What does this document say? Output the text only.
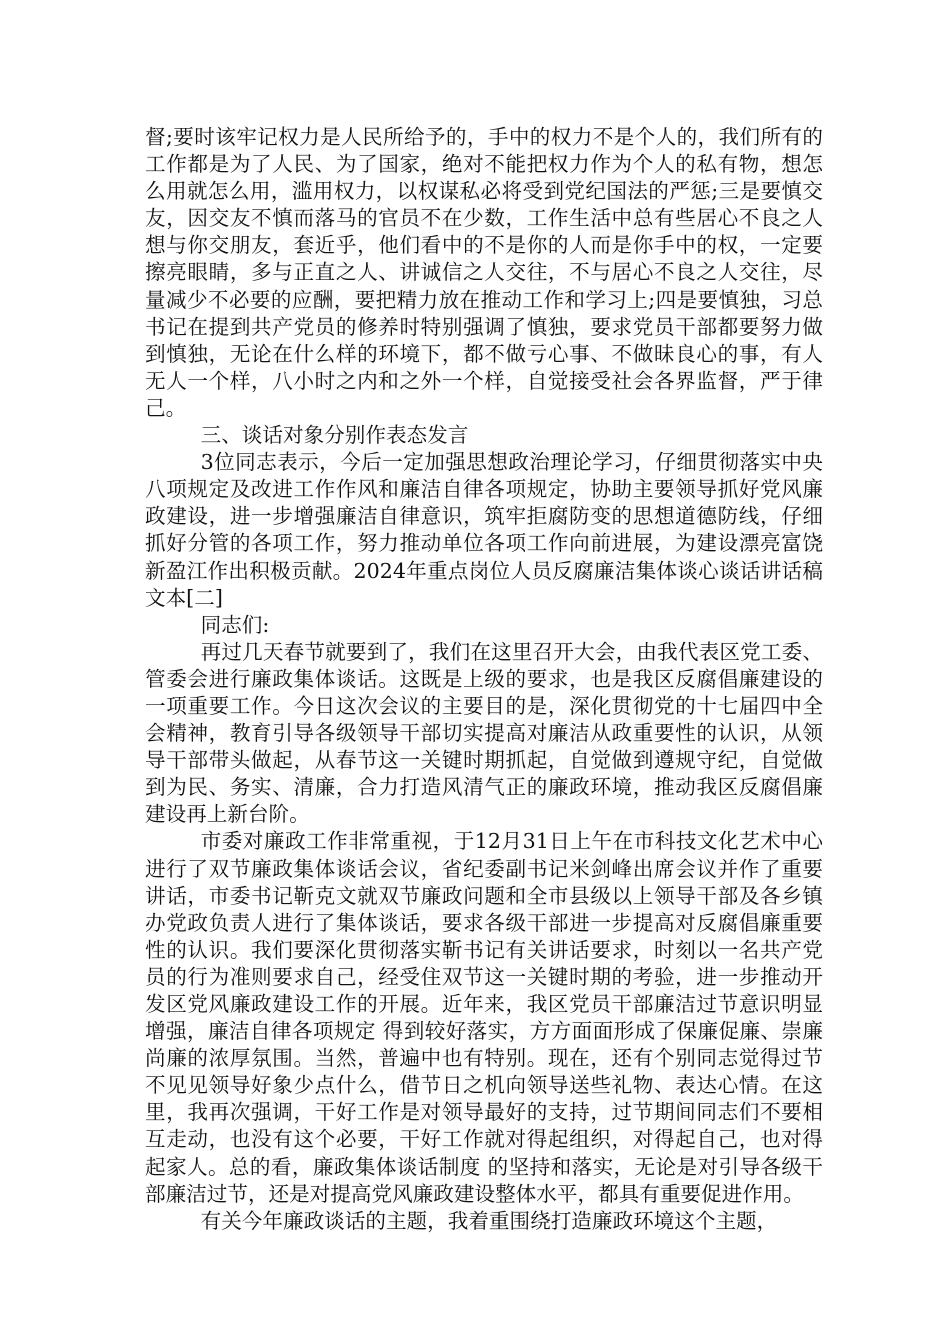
督;要时该牢记权力是人民所给予的，手中的权力不是个人的，我们所有的工作都是为了人民、为了国家，绝对不能把权力作为个人的私有物，想怎么用就怎么用，滥用权力，以权谋私必将受到党纪国法的严惩;三是要慎交友，因交友不慎而落马的官员不在少数，工作生活中总有些居心不良之人想与你交朋友，套近乎，他们看中的不是你的人而是你手中的权，一定要擦亮眼睛，多与正直之人、讲诚信之人交往，不与居心不良之人交往，尽量减少不必要的应酬，要把精力放在推动工作和学习上;四是要慎独，习总书记在提到共产党员的修养时特别强调了慎独，要求党员干部都要努力做到慎独，无论在什么样的环境下，都不做亏心事、不做昧良心的事，有人无人一个样，八小时之内和之外一个样，自觉接受社会各界监督，严于律己。

三、谈话对象分别作表态发言

3位同志表示，今后一定加强思想政治理论学习，仔细贯彻落实中央八项规定及改进工作作风和廉洁自律各项规定，协助主要领导抓好党风廉政建设，进一步增强廉洁自律意识，筑牢拒腐防变的思想道德防线，仔细抓好分管的各项工作，努力推动单位各项工作向前进展，为建设漂亮富饶新盈江作出积极贡献。2024年重点岗位人员反腐廉洁集体谈心谈话讲话稿文本[二]

同志们:

再过几天春节就要到了，我们在这里召开大会，由我代表区党工委、管委会进行廉政集体谈话。这既是上级的要求，也是我区反腐倡廉建设的一项重要工作。今日这次会议的主要目的是，深化贯彻党的十七届四中全会精神，教育引导各级领导干部切实提高对廉洁从政重要性的认识，从领导干部带头做起，从春节这一关键时期抓起，自觉做到遵规守纪，自觉做到为民、务实、清廉，合力打造风清气正的廉政环境，推动我区反腐倡廉建设再上新台阶。

市委对廉政工作非常重视，于12月31日上午在市科技文化艺术中心进行了双节廉政集体谈话会议，省纪委副书记米剑峰出席会议并作了重要讲话，市委书记靳克文就双节廉政问题和全市县级以上领导干部及各乡镇办党政负责人进行了集体谈话，要求各级干部进一步提高对反腐倡廉重要性的认识。我们要深化贯彻落实靳书记有关讲话要求，时刻以一名共产党员的行为准则要求自己，经受住双节这一关键时期的考验，进一步推动开发区党风廉政建设工作的开展。近年来，我区党员干部廉洁过节意识明显增强，廉洁自律各项规定 得到较好落实，方方面面形成了保廉促廉、崇廉尚廉的浓厚氛围。当然，普遍中也有特别。现在，还有个别同志觉得过节不见见领导好象少点什么，借节日之机向领导送些礼物、表达心情。在这里，我再次强调，干好工作是对领导最好的支持，过节期间同志们不要相互走动，也没有这个必要，干好工作就对得起组织，对得起自己，也对得起家人。总的看，廉政集体谈话制度 的坚持和落实，无论是对引导各级干部廉洁过节，还是对提高党风廉政建设整体水平，都具有重要促进作用。

有关今年廉政谈话的主题，我着重围绕打造廉政环境这个主题，
